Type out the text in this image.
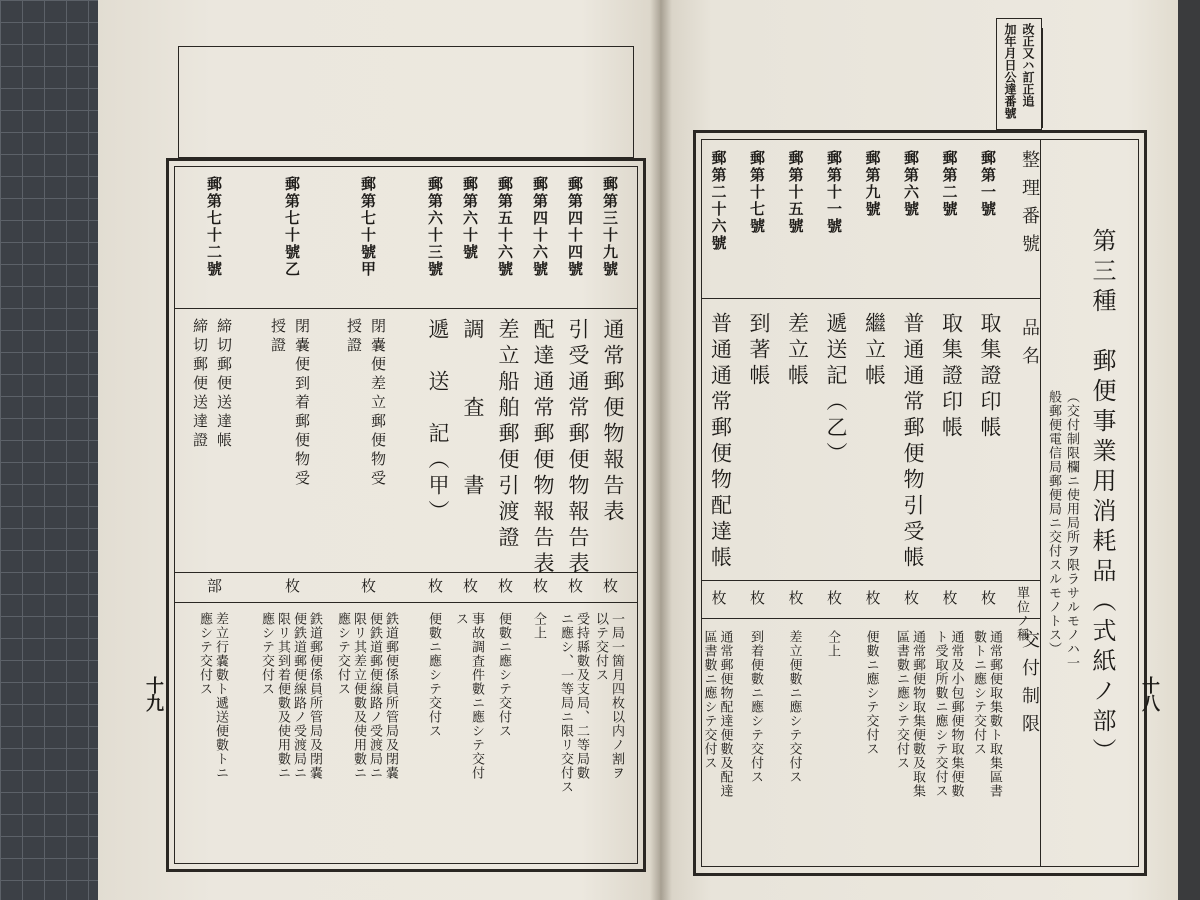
改正又ハ訂正追
加年月日公達番號
第三種　郵便事業用消耗品（式紙ノ部）
（交付制限欄ニ使用局所ヲ限ラサルモノハ一
般郵便電信局郵便局ニ交付スルモノトス）
整理番號
品名
單位ノ稱
交付制限
郵第一號
取集證印帳
枚
通常郵便取集數ト取集區書
數トニ應シテ交付ス
郵第二號
取集證印帳
枚
通常及小包郵便物取集便數
ト受取所數ニ應シテ交付ス
郵第六號
普通通常郵便物引受帳
枚
通常郵便物取集便數及取集
區書數ニ應シテ交付ス
郵第九號
繼立帳
枚
便數ニ應シテ交付ス
郵第十一號
遞送記（乙）
枚
仝上
郵第十五號
差立帳
枚
差立便數ニ應シテ交付ス
郵第十七號
到著帳
枚
到着便數ニ應シテ交付ス
郵第二十六號
普通通常郵便物配達帳
枚
通常郵便物配達便數及配達
區書數ニ應シテ交付ス	十八
郵第三十九號
通常郵便物報告表
枚
一局一箇月四枚以内ノ割ヲ
以テ交付ス
郵第四十四號
引受通常郵便物報告表
枚
受持縣數及支局、二等局數
ニ應シ、一等局ニ限リ交付ス
郵第四十六號
配達通常郵便物報告表
枚
仝上
郵第五十六號
差立船舶郵便引渡證
枚
便數ニ應シテ交付ス
郵第六十號
調　　査　　書
枚
事故調査件數ニ應シテ交付
ス
郵第六十三號
遞　送　記（甲）
枚
便數ニ應シテ交付ス
郵第七十號甲
閉嚢便差立郵便物受
授證
枚
鉄道郵便係員所管局及閉嚢
便鉄道郵便線路ノ受渡局ニ
限リ其差立便數及使用數ニ
應シテ交付ス
郵第七十號乙
閉嚢便到着郵便物受
授證
枚
鉄道郵便係員所管局及閉嚢
便鉄道郵便線路ノ受渡局ニ
限リ其到着便數及使用數ニ
應シテ交付ス
郵第七十二號
締切郵便送達帳
締切郵便送達證
部
差立行嚢數ト遞送便數トニ
應シテ交付ス
十九
